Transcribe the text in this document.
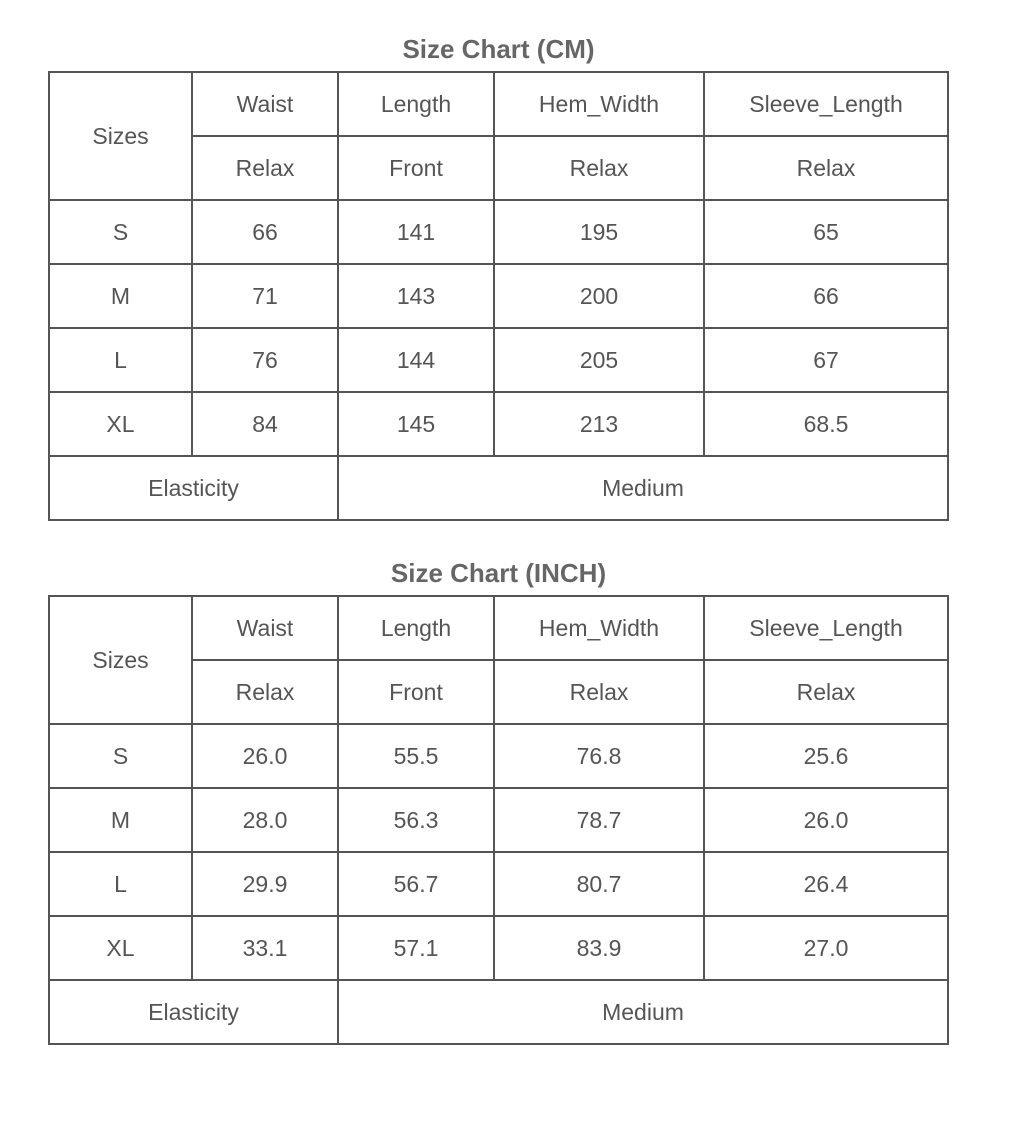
Size Chart (CM)
Sizes	Waist	Length	Hem_Width	Sleeve_Length
	Relax	Front	Relax	Relax
S	66	141	195	65
M	71	143	200	66
L	76	144	205	67
XL	84	145	213	68.5
Elasticity		Medium		
Size Chart (INCH)
Sizes	Waist	Length	Hem_Width	Sleeve_Length
	Relax	Front	Relax	Relax
S	26.0	55.5	76.8	25.6
M	28.0	56.3	78.7	26.0
L	29.9	56.7	80.7	26.4
XL	33.1	57.1	83.9	27.0
Elasticity		Medium		
